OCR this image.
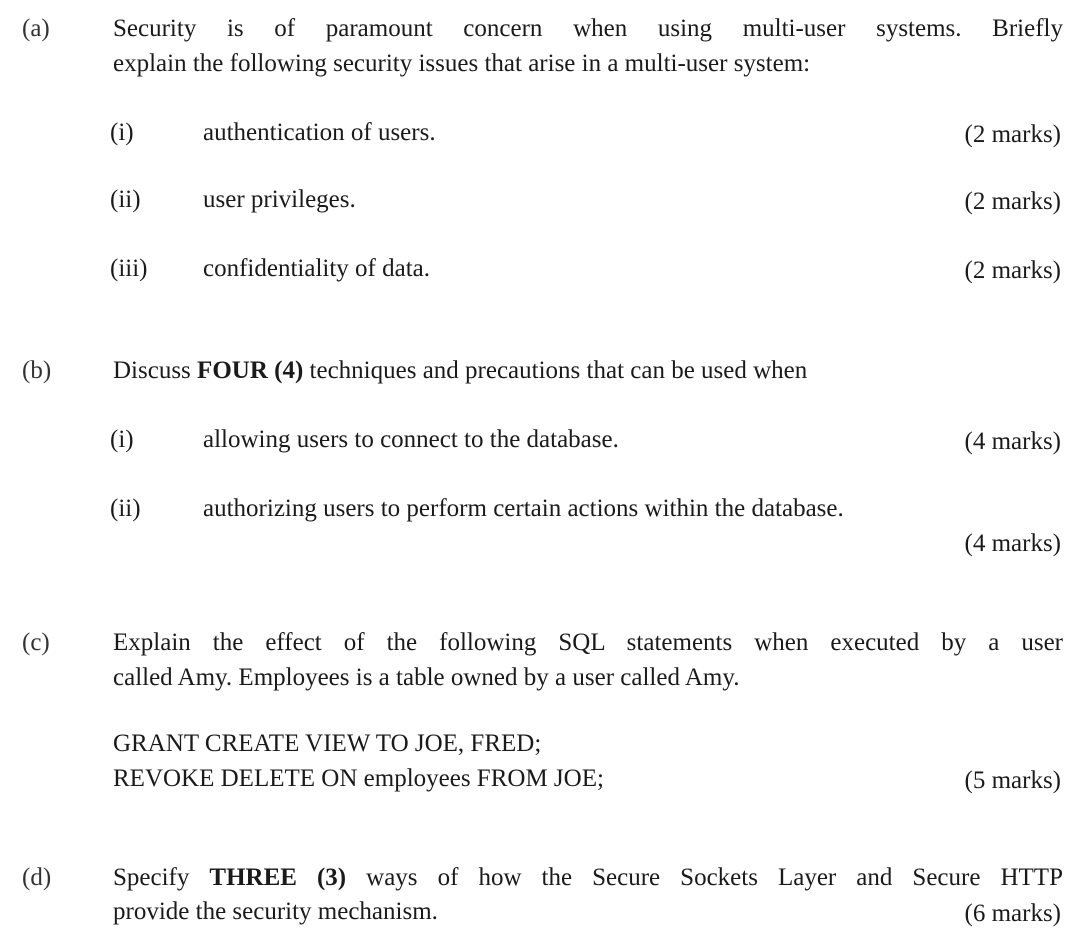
(a)	Security is of paramount concern when using multi-user systems. Briefly
explain the following security issues that arise in a multi-user system:
(i)	authentication of users.	(2 marks)
(ii) user privileges.	(2 marks)
(iii) confidentiality of data.	(2 marks)
(b) Discuss FOUR (4) techniques and precautions that can be used when
(i)	allowing users to connect to the database.	(4 marks)
(ii) authorizing users to perform certain actions within the database.
(4 marks)
(c)	Explain the effect of the following SQL statements when executed by a user
called Amy. Employees is a table owned by a user called Amy.
GRANT CREATE VIEW TO JOE, FRED;
REVOKE DELETE ON employees FROM JOE;	(5 marks)
(d) Specify THREE (3) ways of how the Secure Sockets Layer and Secure HTTP
provide the security mechanism.	(6 marks)
